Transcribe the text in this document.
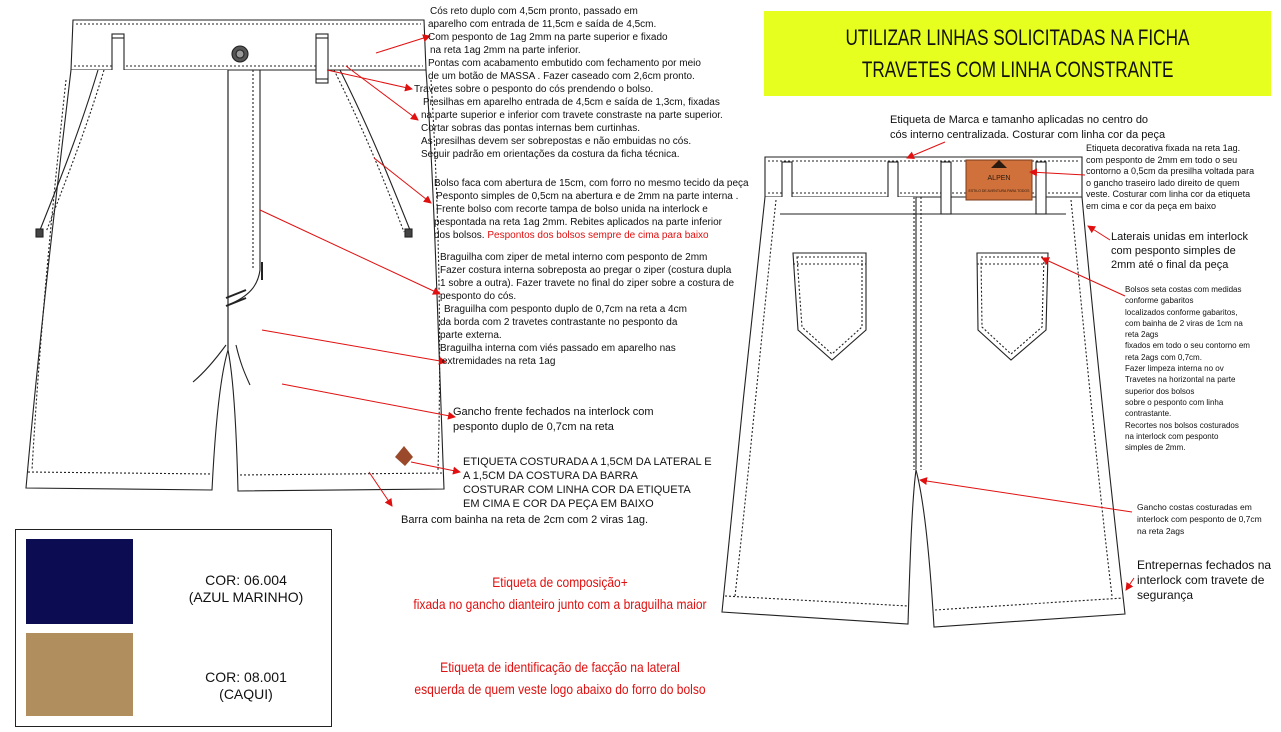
ALPEN
ESTILO DE AVENTURA PARA TODOS
UTILIZAR LINHAS SOLICITADAS NA FICHA
TRAVETES COM LINHA CONSTRANTE
Cós reto duplo com 4,5cm pronto, passado em
aparelho com entrada de 11,5cm e saída de 4,5cm.
Com pesponto de 1ag 2mm na parte superior e fixado
na reta 1ag 2mm na parte inferior.
Pontas com acabamento embutido com fechamento por meio
de um botão de MASSA . Fazer caseado com 2,6cm pronto.
Travetes sobre o pesponto do cós prendendo o bolso.
Presilhas em aparelho entrada de 4,5cm e saída de 1,3cm, fixadas
na parte superior e inferior com travete constraste na parte superior.
Cortar sobras das pontas internas bem curtinhas.
As presilhas devem ser sobrepostas e não embuidas no cós.
Seguir padrão em orientações da costura da ficha técnica.
Bolso faca com abertura de 15cm, com forro no mesmo tecido da peça
Pesponto simples de 0,5cm na abertura e de 2mm na parte interna .
Frente bolso com recorte tampa de bolso unida na interlock e
pespontada na reta 1ag 2mm. Rebites aplicados na parte inferior
dos bolsos. Pespontos dos bolsos sempre de cima para baixo
Braguilha com ziper de metal interno com pesponto de 2mm
Fazer costura interna sobreposta ao pregar o ziper (costura dupla
1 sobre a outra). Fazer travete no final do ziper sobre a costura de
pesponto do cós.
Braguilha com pesponto duplo de 0,7cm na reta a 4cm
da borda com 2 travetes contrastante no pesponto da
parte externa.
Braguilha interna com viés passado em aparelho nas
extremidades na reta 1ag
Gancho frente fechados na interlock com
pesponto duplo de 0,7cm na reta
ETIQUETA COSTURADA A 1,5CM DA LATERAL E
A 1,5CM DA COSTURA DA BARRA
COSTURAR COM LINHA COR DA ETIQUETA
EM CIMA E COR DA PEÇA EM BAIXO
Barra com bainha na reta de 2cm com 2 viras 1ag.
Etiqueta de Marca e tamanho aplicadas no centro do
cós interno centralizada. Costurar com linha cor da peça
Etiqueta decorativa fixada na reta 1ag.
com pesponto de 2mm em todo o seu
contorno a 0,5cm da presilha voltada para
o gancho traseiro lado direito de quem
veste. Costurar com linha cor da etiqueta
em cima e cor da peça em baixo
Laterais unidas em interlock
com pesponto simples de
2mm até o final da peça
Bolsos seta costas com medidas
conforme gabaritos
localizados conforme gabaritos,
com bainha de 2 viras de 1cm na
reta 2ags
fixados em todo o seu contorno em
reta 2ags com 0,7cm.
Fazer limpeza interna no ov
Travetes na horizontal na parte
superior dos bolsos
sobre o pesponto com linha
contrastante.
Recortes nos bolsos costurados
na interlock com pesponto
simples de 2mm.
Gancho costas costuradas em
interlock com pesponto de 0,7cm
na reta 2ags
Entrepernas fechados na
interlock com travete de
segurança
Etiqueta de composição+
fixada no gancho dianteiro junto com a braguilha maior
Etiqueta de identificação de facção na lateral
esquerda de quem veste logo abaixo do forro do bolso
COR: 06.004
(AZUL MARINHO)
COR: 08.001
(CAQUI)
